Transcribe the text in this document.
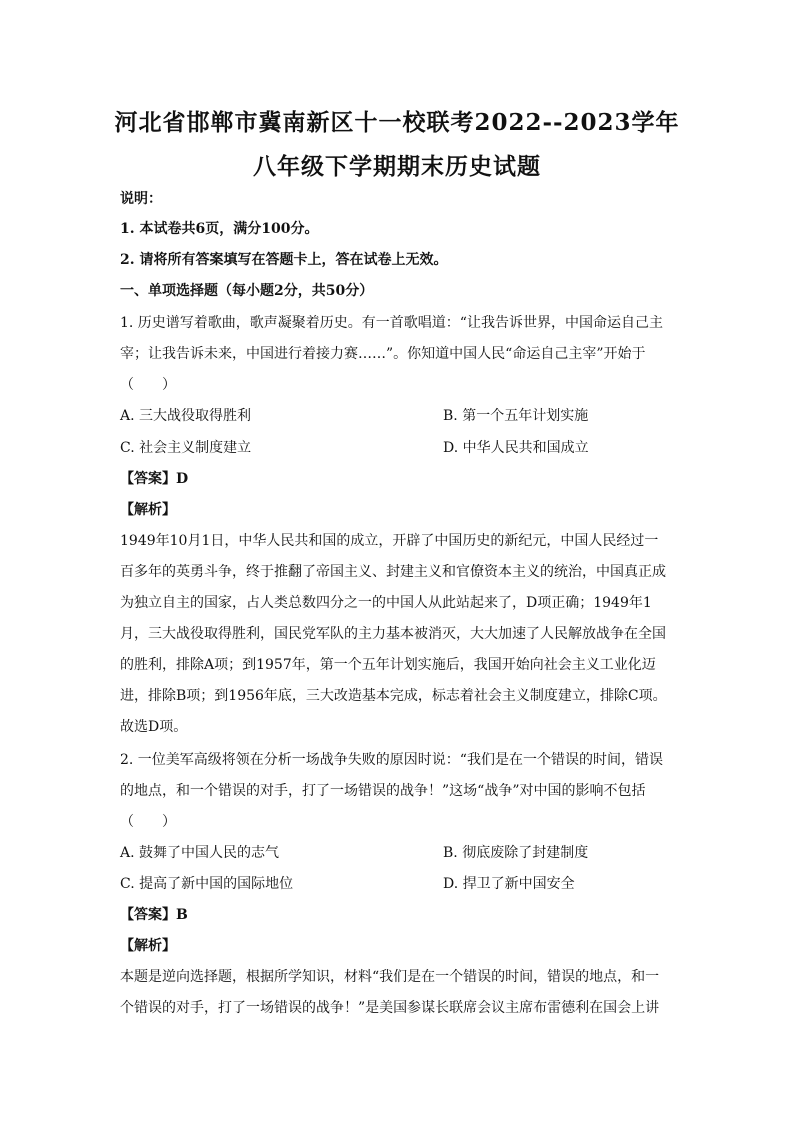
河北省邯郸市冀南新区十一校联考2022--2023学年
八年级下学期期末历史试题
说明：
1. 本试卷共6页，满分100分。
2. 请将所有答案填写在答题卡上，答在试卷上无效。
一、单项选择题（每小题2分，共50分）
1. 历史谱写着歌曲，歌声凝聚着历史。有一首歌唱道：“让我告诉世界，中国命运自己主
宰；让我告诉未来，中国进行着接力赛……”。你知道中国人民“命运自己主宰”开始于
（　　）
A. 三大战役取得胜利	B. 第一个五年计划实施
C. 社会主义制度建立	D. 中华人民共和国成立
【答案】D
【解析】
1949年10月1日，中华人民共和国的成立，开辟了中国历史的新纪元，中国人民经过一
百多年的英勇斗争，终于推翻了帝国主义、封建主义和官僚资本主义的统治，中国真正成
为独立自主的国家，占人类总数四分之一的中国人从此站起来了，D项正确；1949年1
月，三大战役取得胜利，国民党军队的主力基本被消灭，大大加速了人民解放战争在全国
的胜利，排除A项；到1957年，第一个五年计划实施后，我国开始向社会主义工业化迈
进，排除B项；到1956年底，三大改造基本完成，标志着社会主义制度建立，排除C项。
故选D项。
2. 一位美军高级将领在分析一场战争失败的原因时说：“我们是在一个错误的时间，错误
的地点，和一个错误的对手，打了一场错误的战争！”这场“战争”对中国的影响不包括
（　　）
A. 鼓舞了中国人民的志气	B. 彻底废除了封建制度
C. 提高了新中国的国际地位	D. 捍卫了新中国安全
【答案】B
【解析】
本题是逆向选择题，根据所学知识，材料“我们是在一个错误的时间，错误的地点，和一
个错误的对手，打了一场错误的战争！”是美国参谋长联席会议主席布雷德利在国会上讲
